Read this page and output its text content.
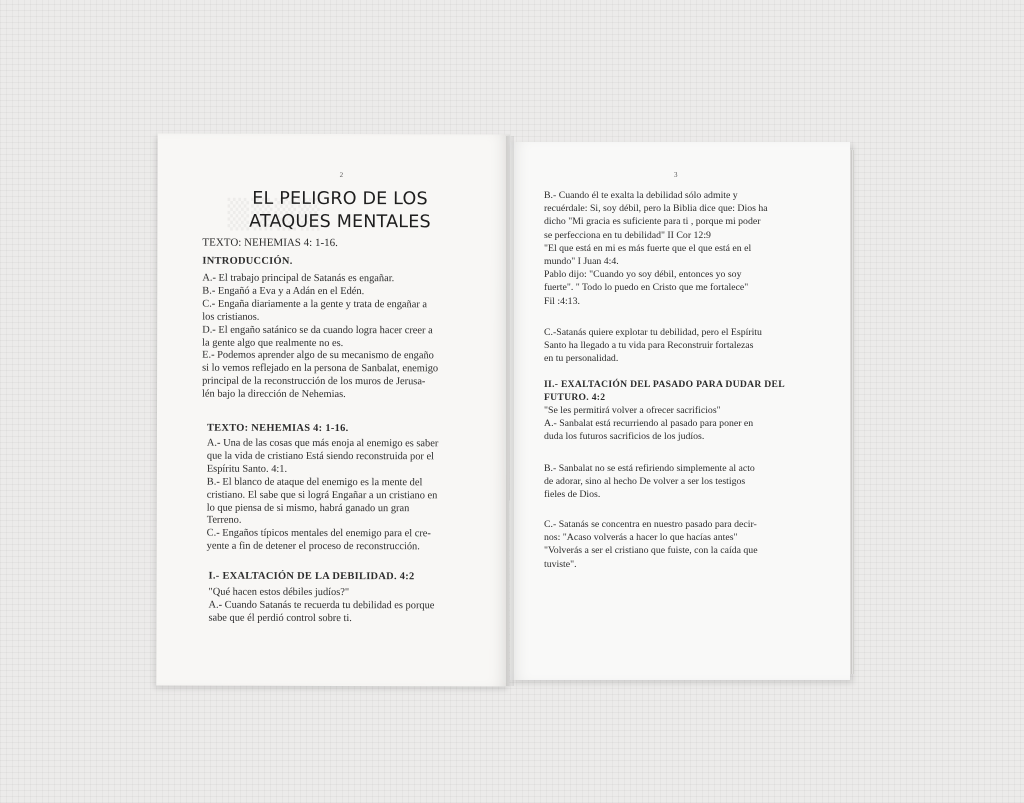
2
EL PELIGRO DE LOS
ATAQUES MENTALES
TEXTO: NEHEMIAS 4: 1-16.
INTRODUCCIÓN.
A.- El trabajo principal de Satanás es engañar.
B.- Engañó a Eva y a Adán en el Edén.
C.- Engaña diariamente a la gente y trata de engañar a
los cristianos.
D.- El engaño satánico se da cuando logra hacer creer a
la gente algo que realmente no es.
E.- Podemos aprender algo de su mecanismo de engaño
si lo vemos reflejado en la persona de Sanbalat, enemigo
principal de la reconstrucción de los muros de Jerusa-
lén bajo la dirección de Nehemias.
TEXTO: NEHEMIAS 4: 1-16.
A.- Una de las cosas que más enoja al enemigo es saber
que la vida de cristiano Está siendo reconstruida por el
Espíritu Santo. 4:1.
B.- El blanco de ataque del enemigo es la mente del
cristiano. El sabe que si lográ Engañar a un cristiano en
lo que piensa de si mismo, habrá ganado un gran
Terreno.
C.- Engaños típicos mentales del enemigo para el cre-
yente a fin de detener el proceso de reconstrucción.
I.- EXALTACIÓN DE LA DEBILIDAD. 4:2
"Qué hacen estos débiles judíos?"
A.- Cuando Satanás te recuerda tu debilidad es porque
sabe que él perdió control sobre ti.
3
B.- Cuando él te exalta la debilidad sólo admite y
recuérdale: Si, soy débil, pero la Biblia dice que: Dios ha
dicho "Mi gracia es suficiente para ti , porque mi poder
se perfecciona en tu debilidad" II Cor 12:9
"El que está en mi es más fuerte que el que está en el
mundo" I Juan 4:4.
Pablo dijo: "Cuando yo soy débil, entonces yo soy
fuerte". " Todo lo puedo en Cristo que me fortalece"
Fil :4:13.
C.-Satanás quiere explotar tu debilidad, pero el Espíritu
Santo ha llegado a tu vida para Reconstruir fortalezas
en tu personalidad.
II.- EXALTACIÓN DEL PASADO PARA DUDAR DEL
FUTURO. 4:2
"Se les permitirá volver a ofrecer sacrificios"
A.- Sanbalat está recurriendo al pasado para poner en
duda los futuros sacrificios de los judíos.
B.- Sanbalat no se está refiriendo simplemente al acto
de adorar, sino al hecho De volver a ser los testigos
fieles de Dios.
C.- Satanás se concentra en nuestro pasado para decir-
nos: "Acaso volverás a hacer lo que hacías antes"
"Volverás a ser el cristiano que fuiste, con la caída que
tuviste".
